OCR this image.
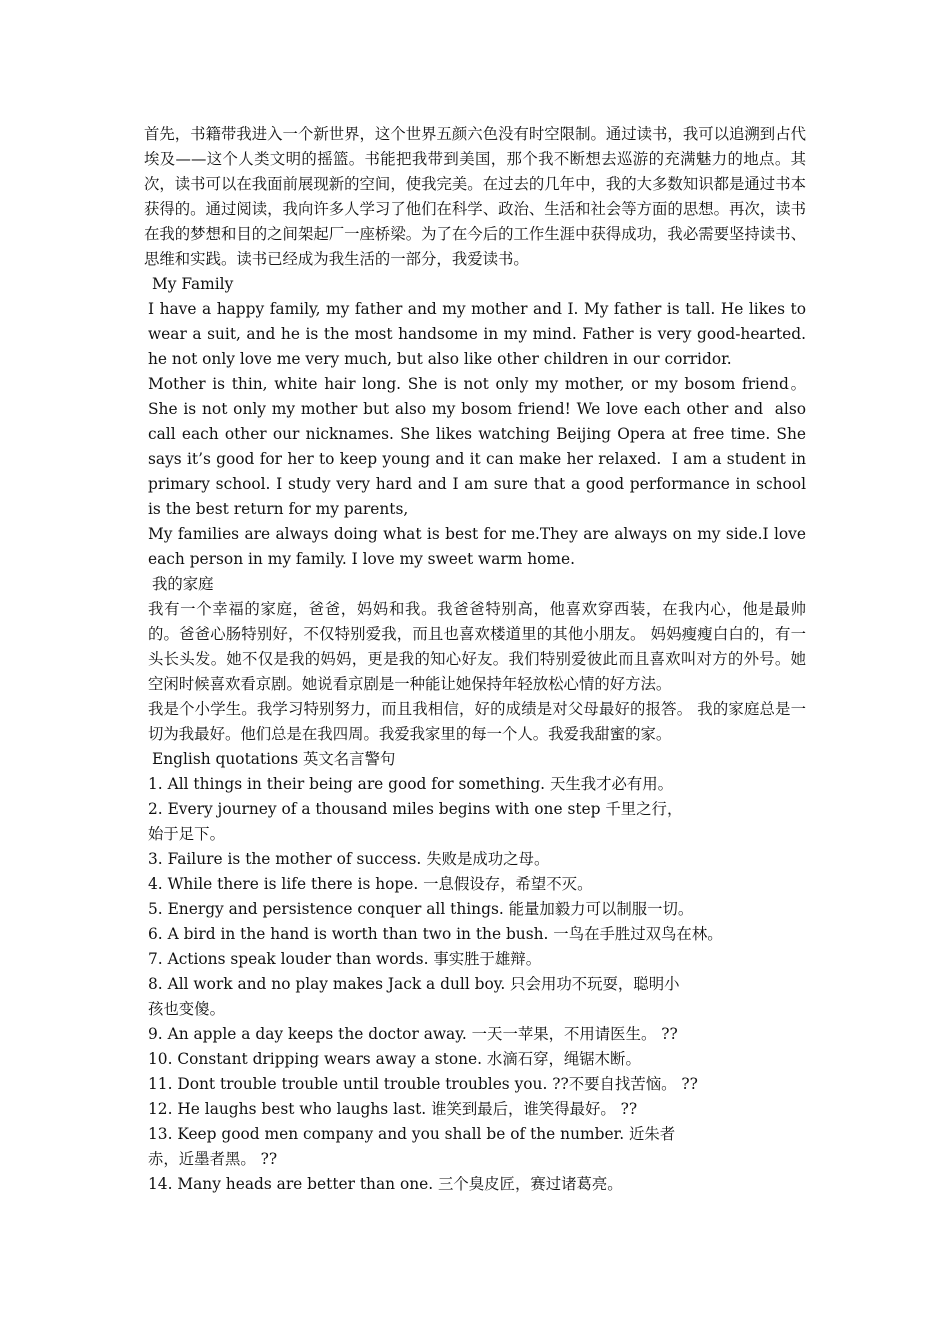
首先，书籍带我进入一个新世界，这个世界五颜六色没有时空限制。通过读书，我可以追溯到占代埃及——这个人类文明的摇篮。书能把我带到美国，那个我不断想去巡游的充满魅力的地点。其次，读书可以在我面前展现新的空间，使我完美。在过去的几年中，我的大多数知识都是通过书本获得的。通过阅读，我向许多人学习了他们在科学、政治、生活和社会等方面的思想。再次，读书在我的梦想和目的之间架起厂一座桥梁。为了在今后的工作生涯中获得成功，我必需要坚持读书、思维和实践。读书已经成为我生活的一部分，我爱读书。

My Family

I have a happy family, my father and my mother and I. My father is tall. He likes to wear a suit, and he is the most handsome in my mind. Father is very good-hearted. he not only love me very much, but also like other children in our corridor.

Mother is thin, white hair long. She is not only my mother, or my bosom friend。 She is not only my mother but also my bosom friend! We love each other and  also call each other our nicknames. She likes watching Beijing Opera at free time. She says it’s good for her to keep young and it can make her relaxed.  I am a student in primary school. I study very hard and I am sure that a good performance in school is the best return for my parents,

My families are always doing what is best for me.They are always on my side.I love each person in my family. I love my sweet warm home.

我的家庭

我有一个幸福的家庭，爸爸，妈妈和我。我爸爸特别高，他喜欢穿西装，在我内心，他是最帅的。爸爸心肠特别好，不仅特别爱我，而且也喜欢楼道里的其他小朋友。 妈妈瘦瘦白白的，有一头长头发。她不仅是我的妈妈，更是我的知心好友。我们特别爱彼此而且喜欢叫对方的外号。她空闲时候喜欢看京剧。她说看京剧是一种能让她保持年轻放松心情的好方法。

我是个小学生。我学习特别努力，而且我相信，好的成绩是对父母最好的报答。 我的家庭总是一切为我最好。他们总是在我四周。我爱我家里的每一个人。我爱我甜蜜的家。

English quotations 英文名言警句

1. All things in their being are good for something. 天生我才必有用。

2. Every journey of a thousand miles begins with one step 千里之行，始于足下。

3. Failure is the mother of success. 失败是成功之母。

4. While there is life there is hope. 一息假设存，希望不灭。

5. Energy and persistence conquer all things. 能量加毅力可以制服一切。

6. A bird in the hand is worth than two in the bush. 一鸟在手胜过双鸟在林。

7. Actions speak louder than words. 事实胜于雄辩。

8. All work and no play makes Jack a dull boy. 只会用功不玩耍，聪明小孩也变傻。

9. An apple a day keeps the doctor away. 一天一苹果，不用请医生。 ??

10. Constant dripping wears away a stone. 水滴石穿，绳锯木断。

11. Dont trouble trouble until trouble troubles you. ??不要自找苦恼。 ??

12. He laughs best who laughs last. 谁笑到最后，谁笑得最好。 ??

13. Keep good men company and you shall be of the number. 近朱者赤，近墨者黑。 ??

14. Many heads are better than one. 三个臭皮匠，赛过诸葛亮。
